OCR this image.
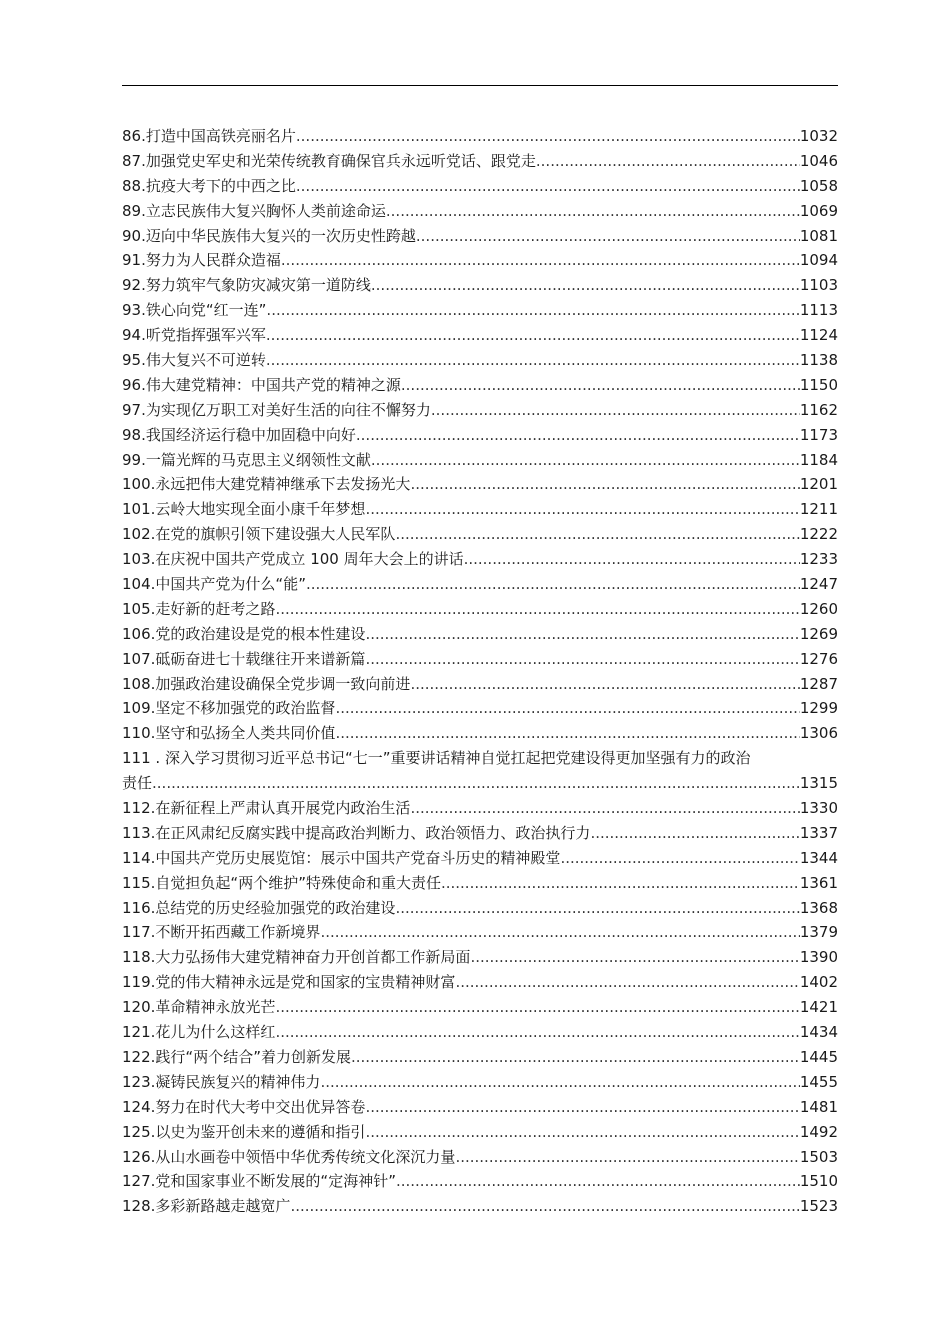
86 . 打造中国高铁亮丽名片 .....	1032
87 . 加强党史军史和光荣传统教育确保官兵永远听党话、跟党走 .....	1046
88 . 抗疫大考下的中西之比 .....	1058
89 . 立志民族伟大复兴胸怀人类前途命运 .....	1069
90 . 迈向中华民族伟大复兴的一次历史性跨越 .....	1081
91 . 努力为人民群众造福 .....	1094
92 . 努力筑牢气象防灾减灾第一道防线 .....	1103
93 . 铁心向党“红一连” .....	1113
94 . 听党指挥强军兴军 .....	1124
95 . 伟大复兴不可逆转 .....	1138
96 . 伟大建党精神：中国共产党的精神之源 .....	1150
97 . 为实现亿万职工对美好生活的向往不懈努力 .....	1162
98 . 我国经济运行稳中加固稳中向好 .....	1173
99 . 一篇光辉的马克思主义纲领性文献 .....	1184
100 . 永远把伟大建党精神继承下去发扬光大 .....	1201
101 . 云岭大地实现全面小康千年梦想 .....	1211
102 . 在党的旗帜引领下建设强大人民军队 .....	1222
103 . 在庆祝中国共产党成立 100 周年大会上的讲话 .....	1233
104 . 中国共产党为什么“能” .....	1247
105 . 走好新的赶考之路 .....	1260
106 . 党的政治建设是党的根本性建设 .....	1269
107 . 砥砺奋进七十载继往开来谱新篇 .....	1276
108 . 加强政治建设确保全党步调一致向前进 .....	1287
109 . 坚定不移加强党的政治监督 .....	1299
110 . 坚守和弘扬全人类共同价值 .....	1306
111 . 深入学习贯彻习近平总书记“七一”重要讲话精神自觉扛起把党建设得更加坚强有力的政治
责任 .....	1315
112 . 在新征程上严肃认真开展党内政治生活 .....	1330
113 . 在正风肃纪反腐实践中提高政治判断力、政治领悟力、政治执行力 .....	1337
114 . 中国共产党历史展览馆：展示中国共产党奋斗历史的精神殿堂 .....	1344
115 . 自觉担负起“两个维护”特殊使命和重大责任 .....	1361
116 . 总结党的历史经验加强党的政治建设 .....	1368
117 . 不断开拓西藏工作新境界 .....	1379
118 . 大力弘扬伟大建党精神奋力开创首都工作新局面 .....	1390
119 . 党的伟大精神永远是党和国家的宝贵精神财富 .....	1402
120 . 革命精神永放光芒 .....	1421
121 . 花儿为什么这样红 .....	1434
122 . 践行“两个结合”着力创新发展 .....	1445
123 . 凝铸民族复兴的精神伟力 .....	1455
124 . 努力在时代大考中交出优异答卷 .....	1481
125 . 以史为鉴开创未来的遵循和指引 .....	1492
126 . 从山水画卷中领悟中华优秀传统文化深沉力量 .....	1503
127 . 党和国家事业不断发展的“定海神针” .....	1510
128 . 多彩新路越走越宽广 .....	1523
